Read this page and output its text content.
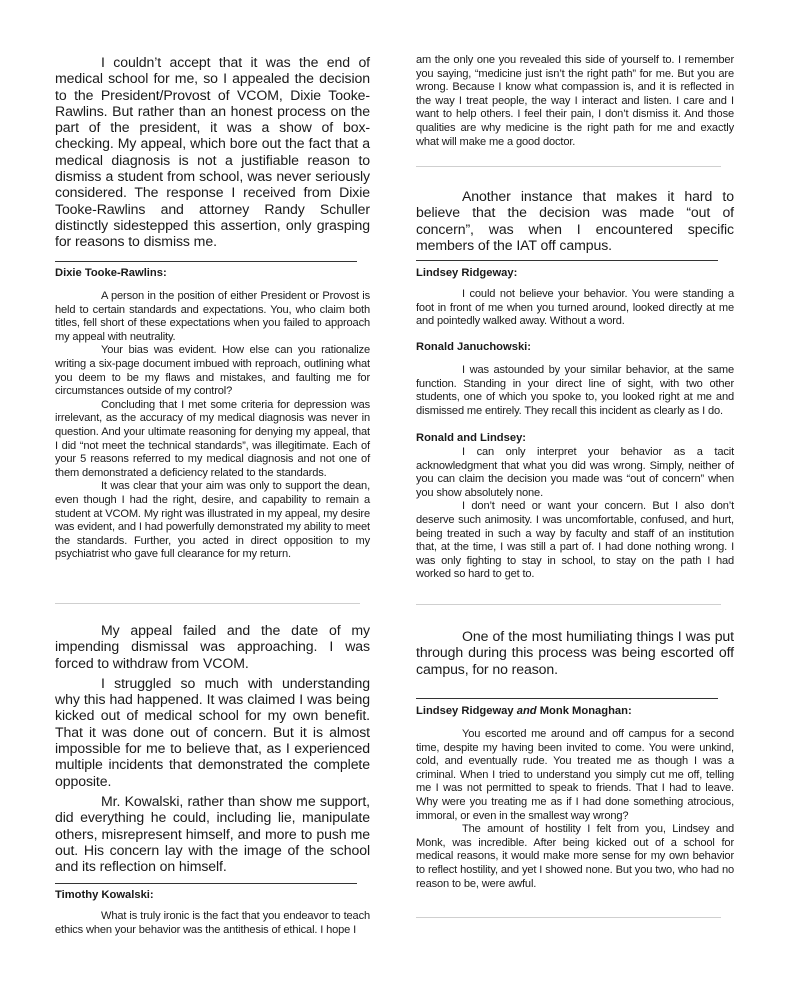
I couldn’t accept that it was the end of medical school for me, so I appealed the decision to the President/Provost of VCOM, Dixie Tooke-Rawlins. But rather than an honest process on the part of the president, it was a show of box-checking. My appeal, which bore out the fact that a medical diagnosis is not a justifiable reason to dismiss a student from school, was never seriously considered. The response I received from Dixie Tooke-Rawlins and attorney Randy Schuller distinctly sidestepped this assertion, only grasping for reasons to dismiss me.

Dixie Tooke-Rawlins:

A person in the position of either President or Provost is held to certain standards and expectations. You, who claim both titles, fell short of these expectations when you failed to approach my appeal with neutrality.

Your bias was evident. How else can you rationalize writing a six-page document imbued with reproach, outlining what you deem to be my flaws and mistakes, and faulting me for circumstances outside of my control?

Concluding that I met some criteria for depression was irrelevant, as the accuracy of my medical diagnosis was never in question. And your ultimate reasoning for denying my appeal, that I did “not meet the technical standards”, was illegitimate. Each of your 5 reasons referred to my medical diagnosis and not one of them demonstrated a deficiency related to the standards.

It was clear that your aim was only to support the dean, even though I had the right, desire, and capability to remain a student at VCOM. My right was illustrated in my appeal, my desire was evident, and I had powerfully demonstrated my ability to meet the standards. Further, you acted in direct opposition to my psychiatrist who gave full clearance for my return.

My appeal failed and the date of my impending dismissal was approaching. I was forced to withdraw from VCOM.

I struggled so much with understanding why this had happened. It was claimed I was being kicked out of medical school for my own benefit. That it was done out of concern. But it is almost impossible for me to believe that, as I experienced multiple incidents that demonstrated the complete opposite.

Mr. Kowalski, rather than show me support, did everything he could, including lie, manipulate others, misrepresent himself, and more to push me out. His concern lay with the image of the school and its reflection on himself.

Timothy Kowalski:

What is truly ironic is the fact that you endeavor to teach ethics when your behavior was the antithesis of ethical. I hope I

am the only one you revealed this side of yourself to. I remember you saying, “medicine just isn’t the right path” for me. But you are wrong. Because I know what compassion is, and it is reflected in the way I treat people, the way I interact and listen. I care and I want to help others. I feel their pain, I don’t dismiss it. And those qualities are why medicine is the right path for me and exactly what will make me a good doctor.

Another instance that makes it hard to believe that the decision was made “out of concern”, was when I encountered specific members of the IAT off campus.

Lindsey Ridgeway:

I could not believe your behavior. You were standing a foot in front of me when you turned around, looked directly at me and pointedly walked away. Without a word.

Ronald Januchowski:

I was astounded by your similar behavior, at the same function. Standing in your direct line of sight, with two other students, one of which you spoke to, you looked right at me and dismissed me entirely. They recall this incident as clearly as I do.

Ronald and Lindsey:

I can only interpret your behavior as a tacit acknowledgment that what you did was wrong. Simply, neither of you can claim the decision you made was “out of concern” when you show absolutely none.

I don’t need or want your concern. But I also don’t deserve such animosity. I was uncomfortable, confused, and hurt, being treated in such a way by faculty and staff of an institution that, at the time, I was still a part of. I had done nothing wrong. I was only fighting to stay in school, to stay on the path I had worked so hard to get to.

One of the most humiliating things I was put through during this process was being escorted off campus, for no reason.

Lindsey Ridgeway and Monk Monaghan:

You escorted me around and off campus for a second time, despite my having been invited to come. You were unkind, cold, and eventually rude. You treated me as though I was a criminal. When I tried to understand you simply cut me off, telling me I was not permitted to speak to friends. That I had to leave. Why were you treating me as if I had done something atrocious, immoral, or even in the smallest way wrong?

The amount of hostility I felt from you, Lindsey and Monk, was incredible. After being kicked out of a school for medical reasons, it would make more sense for my own behavior to reflect hostility, and yet I showed none. But you two, who had no reason to be, were awful.
